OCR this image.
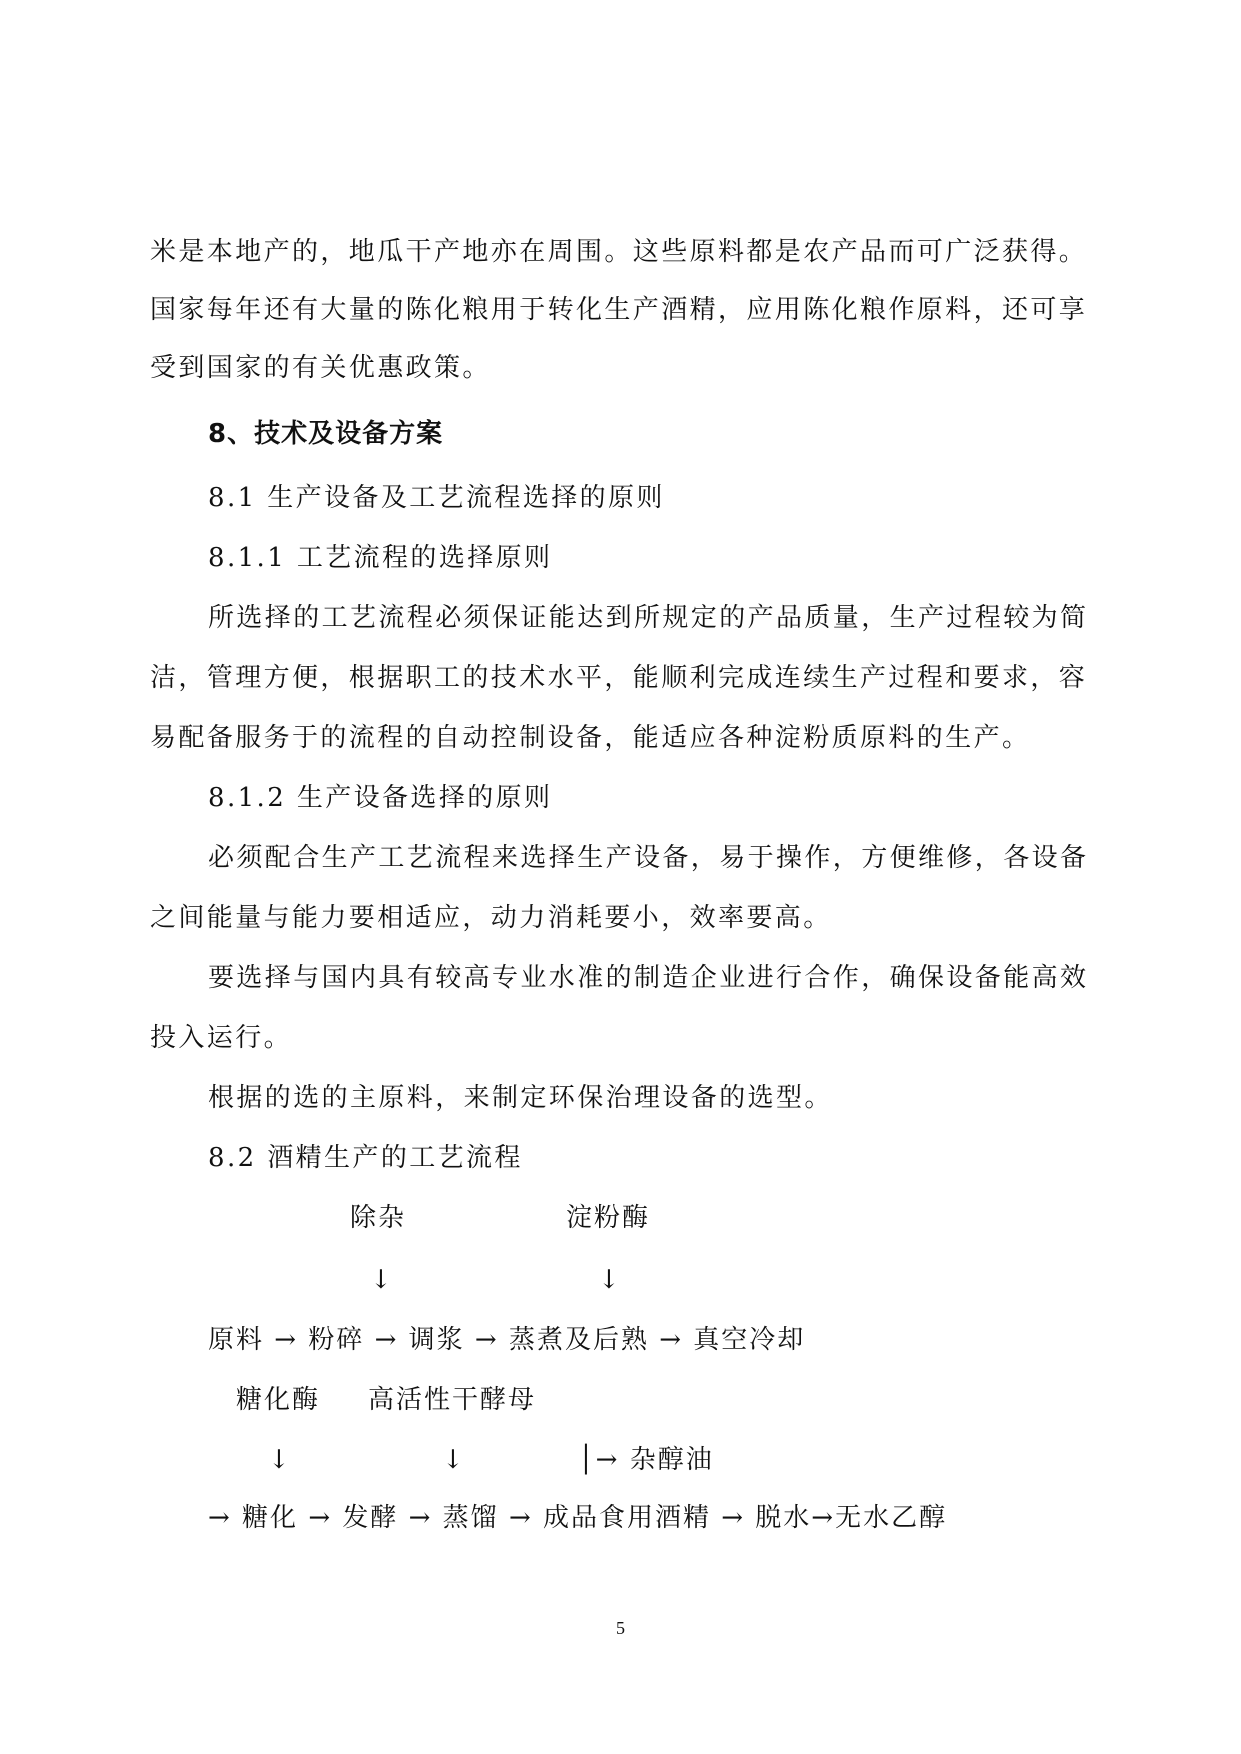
米是本地产的，地瓜干产地亦在周围。这些原料都是农产品而可广泛获得。
国家每年还有大量的陈化粮用于转化生产酒精，应用陈化粮作原料，还可享
受到国家的有关优惠政策。
8、技术及设备方案
8.1 生产设备及工艺流程选择的原则
8.1.1 工艺流程的选择原则
所选择的工艺流程必须保证能达到所规定的产品质量，生产过程较为简
洁，管理方便，根据职工的技术水平，能顺利完成连续生产过程和要求，容
易配备服务于的流程的自动控制设备，能适应各种淀粉质原料的生产。
8.1.2 生产设备选择的原则
必须配合生产工艺流程来选择生产设备，易于操作，方便维修，各设备
之间能量与能力要相适应，动力消耗要小，效率要高。
要选择与国内具有较高专业水准的制造企业进行合作，确保设备能高效
投入运行。
根据的选的主原料，来制定环保治理设备的选型。
8.2 酒精生产的工艺流程
除杂	淀粉酶
↓	↓
原料 → 粉碎 → 调浆 → 蒸煮及后熟 → 真空冷却
糖化酶 高活性干酵母
↓	↓	│→ 杂醇油
→ 糖化 → 发酵 → 蒸馏 → 成品食用酒精 → 脱水→无水乙醇
5
